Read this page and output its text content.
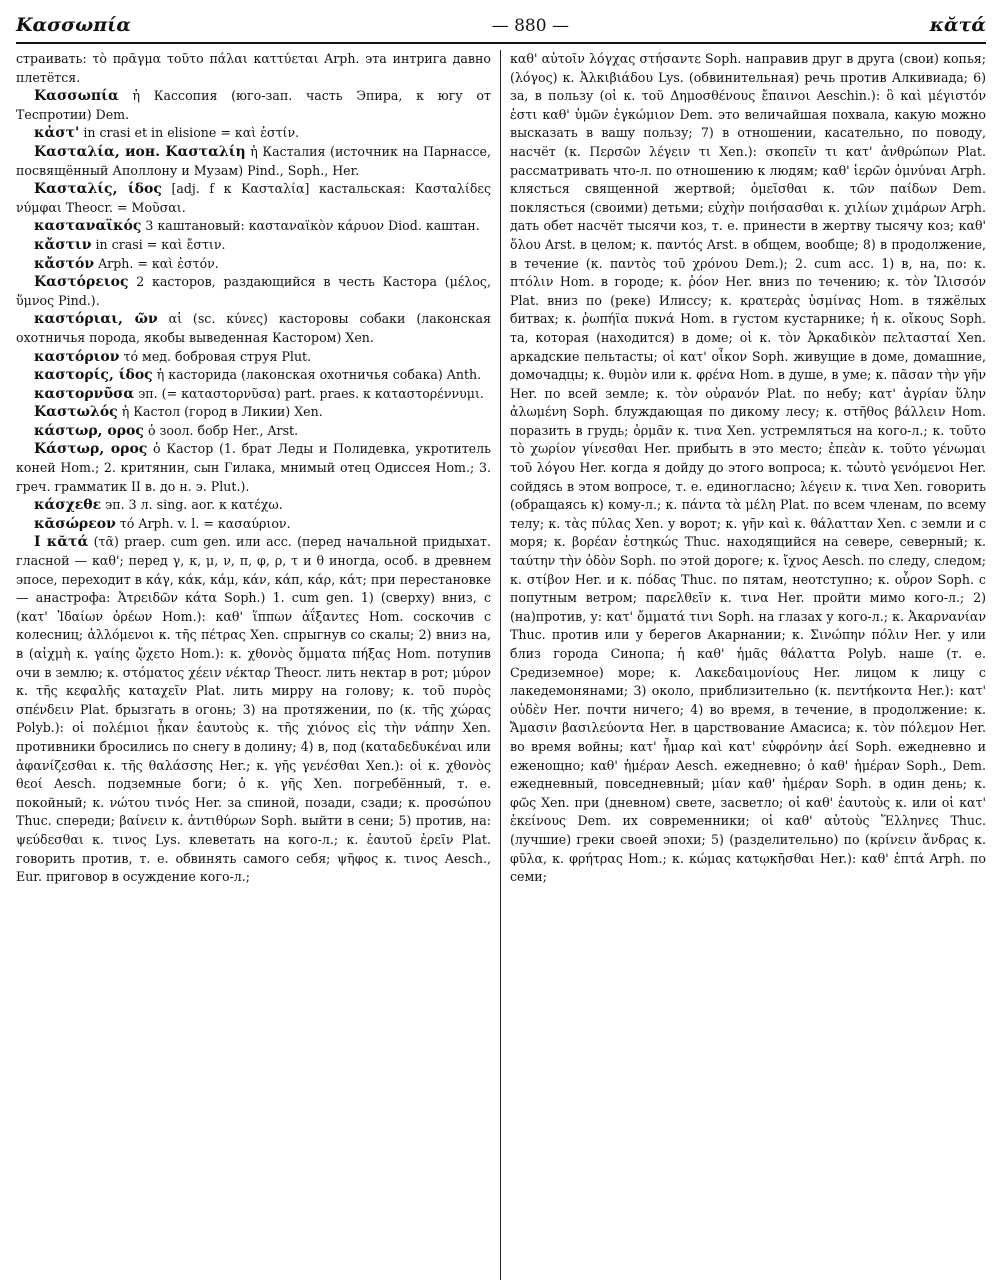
Κασσωπία	— 880 —	κᾰτά

страивать: τὸ πρᾶγμα τοῦτο πάλαι καττύεται Arph. эта интрига давно плетётся.

Κασσωπία ἡ Кассопия (юго-зап. часть Эпира, к югу от Теспротии) Dem.

κἀστ' in crasi et in elisione = καὶ ἐστίν.

Κασταλία, ион. Κασταλίη ἡ Касталия (источник на Парнассе, посвящённый Аполлону и Музам) Pind., Soph., Her.

Κασταλίς, ίδος [adj. f к Κασταλία] кастальская: Κασταλίδες νύμφαι Theocr. = Μοῦσαι.

κασταναϊκός 3 каштановый: κασταναϊκὸν κάρυον Diod. каштан.

κἄστιν in crasi = καὶ ἔστιν.

κἄστόν Arph. = καὶ ἐστόν.

Καστόρειος 2 касторов, раздающийся в честь Кастора (μέλος, ὕμνος Pind.).

καστόριαι, ῶν αἱ (sc. κύνες) касторовы собаки (лаконская охотничья порода, якобы выведенная Кастором) Xen.

καστόριον τό мед. бобровая струя Plut.

καστορίς, ίδος ἡ касторида (лаконская охотничья собака) Anth.

καστορνῦσα эп. (= καταστορνῦσα) part. praes. к καταστορέννυμι.

Καστωλός ἡ Кастол (город в Ликии) Xen.

κάστωρ, ορος ὁ зоол. бобр Her., Arst.

Κάστωρ, ορος ὁ Кастор (1. брат Леды и Полидевка, укротитель коней Hom.; 2. критянин, сын Гилака, мнимый отец Одиссея Hom.; 3. греч. грамматик II в. до н. э. Plut.).

κάσχεθε эп. 3 л. sing. aor. к κατέχω.

κᾰσώρεον τό Arph. v. l. = κασαύριον.

I κᾰτά (τᾶ) praep. cum gen. или acc. (перед начальной придыхат. гласной — καθ'; перед γ, κ, μ, ν, π, φ, ρ, τ и θ иногда, особ. в древнем эпосе, переходит в κάγ, κάκ, κάμ, κάν, κάπ, κάρ, κάτ; при перестановке — анастрофа: Ἀτρειδῶν κάτα Soph.) 1. cum gen. 1) (сверху) вниз, с (κατ' Ἰδαίων ὀρέων Hom.): καθ' ἵππων ἀΐξαντες Hom. соскочив с колесниц; ἀλλόμενοι κ. τῆς πέτρας Xen. спрыгнув со скалы; 2) вниз на, в (αἰχμὴ κ. γαίης ᾤχετο Hom.): κ. χθονὸς ὄμματα πήξας Hom. потупив очи в землю; κ. στόματος χέειν νέκταρ Theocr. лить нектар в рот; μύρον κ. τῆς κεφαλῆς καταχεῖν Plat. лить мирру на голову; κ. τοῦ πυρὸς σπένδειν Plat. брызгать в огонь; 3) на протяжении, по (κ. τῆς χώρας Polyb.): οἱ πολέμιοι ᾖκαν ἑαυτοὺς κ. τῆς χιόνος εἰς τὴν νάπην Xen. противники бросились по снегу в долину; 4) в, под (καταδεδυκέναι или ἀφανίζεσθαι κ. τῆς θαλάσσης Her.; κ. γῆς γενέσθαι Xen.): οἱ κ. χθονὸς θεοί Aesch. подземные боги; ὁ κ. γῆς Xen. погребённый, т. е. покойный; κ. νώτου τινός Her. за спиной, позади, сзади; κ. προσώπου Thuc. спереди; βαίνειν κ. ἀντιθύρων Soph. выйти в сени; 5) против, на: ψεύδεσθαι κ. τινος Lys. клеветать на кого-л.; κ. ἑαυτοῦ ἐρεῖν Plat. говорить против, т. е. обвинять самого себя; ψῆφος κ. τινος Aesch., Eur. приговор в осуждение кого-л.;

καθ' αὑτοῖν λόγχας στήσαντε Soph. направив друг в друга (свои) копья; (λόγος) κ. Ἀλκιβιάδου Lys. (обвинительная) речь против Алкивиада; 6) за, в пользу (οἱ κ. τοῦ Δημοσθένους ἔπαινοι Aeschin.): ὃ καὶ μέγιστόν ἐστι καθ' ὑμῶν ἐγκώμιον Dem. это величайшая похвала, какую можно высказать в вашу пользу; 7) в отношении, касательно, по поводу, насчёт (κ. Περσῶν λέγειν τι Xen.): σκοπεῖν τι κατ' ἀνθρώπων Plat. рассматривать что-л. по отношению к людям; καθ' ἱερῶν ὀμνύναι Arph. клясться священной жертвой; ὀμεῖσθαι κ. τῶν παίδων Dem. поклясться (своими) детьми; εὐχὴν ποιήσασθαι κ. χιλίων χιμάρων Arph. дать обет насчёт тысячи коз, т. е. принести в жертву тысячу коз; καθ' ὅλου Arst. в целом; κ. παντός Arst. в общем, вообще; 8) в продолжение, в течение (κ. παντὸς τοῦ χρόνου Dem.); 2. cum acc. 1) в, на, по: κ. πτόλιν Hom. в городе; κ. ῥόον Her. вниз по течению; κ. τὸν Ἰλισσόν Plat. вниз по (реке) Илиссу; κ. κρατερὰς ὑσμίνας Hom. в тяжёлых битвах; κ. ῥωπήϊα πυκνά Hom. в густом кустарнике; ἡ κ. οἴκους Soph. та, которая (находится) в доме; οἱ κ. τὸν Ἀρκαδικὸν πελτασταί Xen. аркадские пельтасты; οἱ κατ' οἶκον Soph. живущие в доме, домашние, домочадцы; κ. θυμὸν или κ. φρένα Hom. в душе, в уме; κ. πᾶσαν τὴν γῆν Her. по всей земле; κ. τὸν οὐρανόν Plat. по небу; κατ' ἀγρίαν ὕλην ἀλωμένη Soph. блуждающая по дикому лесу; κ. στῆθος βάλλειν Hom. поразить в грудь; ὁρμᾶν κ. τινα Xen. устремляться на кого-л.; κ. τοῦτο τὸ χωρίον γίνεσθαι Her. прибыть в это место; ἐπεὰν κ. τοῦτο γένωμαι τοῦ λόγου Her. когда я дойду до этого вопроса; κ. τὠυτὸ γενόμενοι Her. сойдясь в этом вопросе, т. е. единогласно; λέγειν κ. τινα Xen. говорить (обращаясь к) кому-л.; κ. πάντα τὰ μέλη Plat. по всем членам, по всему телу; κ. τὰς πύλας Xen. у ворот; κ. γῆν καὶ κ. θάλατταν Xen. с земли и с моря; κ. βορέαν ἑστηκώς Thuc. находящийся на севере, северный; κ. ταύτην τὴν ὁδὸν Soph. по этой дороге; κ. ἴχνος Aesch. по следу, следом; κ. στίβον Her. и κ. πόδας Thuc. по пятам, неотступно; κ. οὖρον Soph. с попутным ветром; παρελθεῖν κ. τινα Her. пройти мимо кого-л.; 2) (на)против, у: κατ' ὄμματά τινι Soph. на глазах у кого-л.; κ. Ἀκαρνανίαν Thuc. против или у берегов Акарнании; κ. Σινώπην πόλιν Her. у или близ города Синопа; ἡ καθ' ἡμᾶς θάλαττα Polyb. наше (т. е. Средиземное) море; κ. Λακεδαιμονίους Her. лицом к лицу с лакедемонянами; 3) около, приблизительно (κ. πεντήκοντα Her.): κατ' οὐδὲν Her. почти ничего; 4) во время, в течение, в продолжение: κ. Ἄμασιν βασιλεύοντα Her. в царствование Амасиса; κ. τὸν πόλεμον Her. во время войны; κατ' ἦμαρ καὶ κατ' εὐφρόνην ἀεί Soph. ежедневно и еженощно; καθ' ἡμέραν Aesch. ежедневно; ὁ καθ' ἡμέραν Soph., Dem. ежедневный, повседневный; μίαν καθ' ἡμέραν Soph. в один день; κ. φῶς Xen. при (дневном) свете, засветло; οἱ καθ' ἑαυτοὺς κ. или οἱ κατ' ἐκείνους Dem. их современники; οἱ καθ' αὑτοὺς Ἕλληνες Thuc. (лучшие) греки своей эпохи; 5) (разделительно) по (κρίνειν ἄνδρας κ. φῦλα, κ. φρήτρας Hom.; κ. κώμας κατῳκῆσθαι Her.): καθ' ἑπτά Arph. по семи;
